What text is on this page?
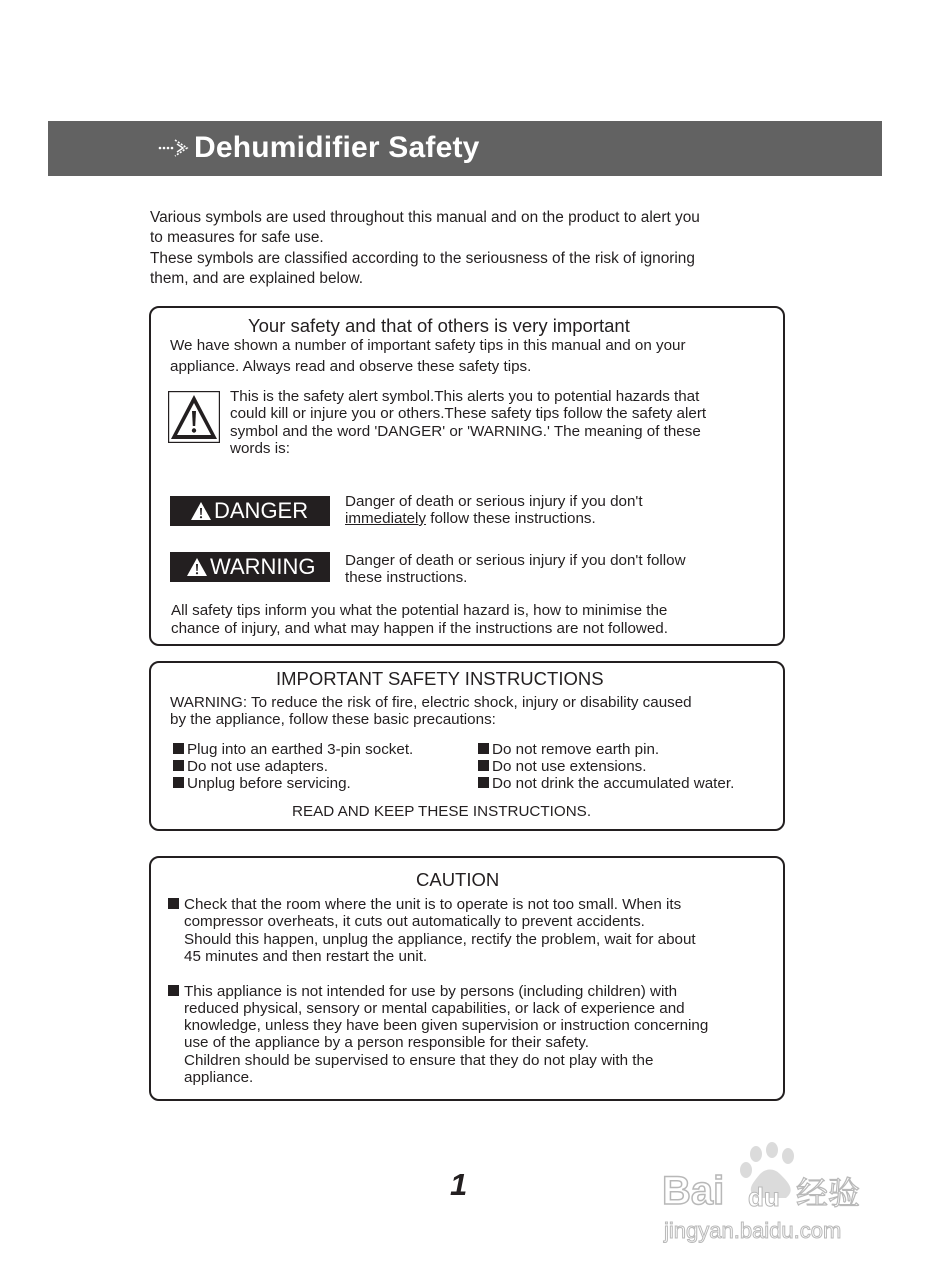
Dehumidifier Safety

Various symbols are used throughout this manual and on the product to alert you

to measures for safe use.

These symbols are classified according to the seriousness of the risk of ignoring

them, and are explained below.

Your safety and that of others is very important
We have shown a number of important safety tips in this manual and on your
appliance. Always read and observe these safety tips.
This is the safety alert symbol.This alerts you to potential hazards that
could kill or injure you or others.These safety tips follow the safety alert
symbol and the word 'DANGER' or 'WARNING.' The meaning of these
words is:
DANGER Danger of death or serious injury if you don't
immediately follow these instructions.
WARNING Danger of death or serious injury if you don't follow
these instructions.
All safety tips inform you what the potential hazard is, how to minimise the
chance of injury, and what may happen if the instructions are not followed.
IMPORTANT SAFETY INSTRUCTIONS
WARNING: To reduce the risk of fire, electric shock, injury or disability caused
by the appliance, follow these basic precautions:
Plug into an earthed 3-pin socket.
Do not use adapters.
Unplug before servicing.
Do not remove earth pin.
Do not use extensions.
Do not drink the accumulated water.
READ AND KEEP THESE INSTRUCTIONS.
CAUTION
Check that the room where the unit is to operate is not too small. When its
compressor overheats, it cuts out automatically to prevent accidents.
Should this happen, unplug the appliance, rectify the problem, wait for about
45 minutes and then restart the unit.
This appliance is not intended for use by persons (including children) with
reduced physical, sensory or mental capabilities, or lack of experience and
knowledge, unless they have been given supervision or instruction concerning
use of the appliance by a person responsible for their safety.
Children should be supervised to ensure that they do not play with the
appliance.
1	Bai du 经验
jingyan.baidu.com
